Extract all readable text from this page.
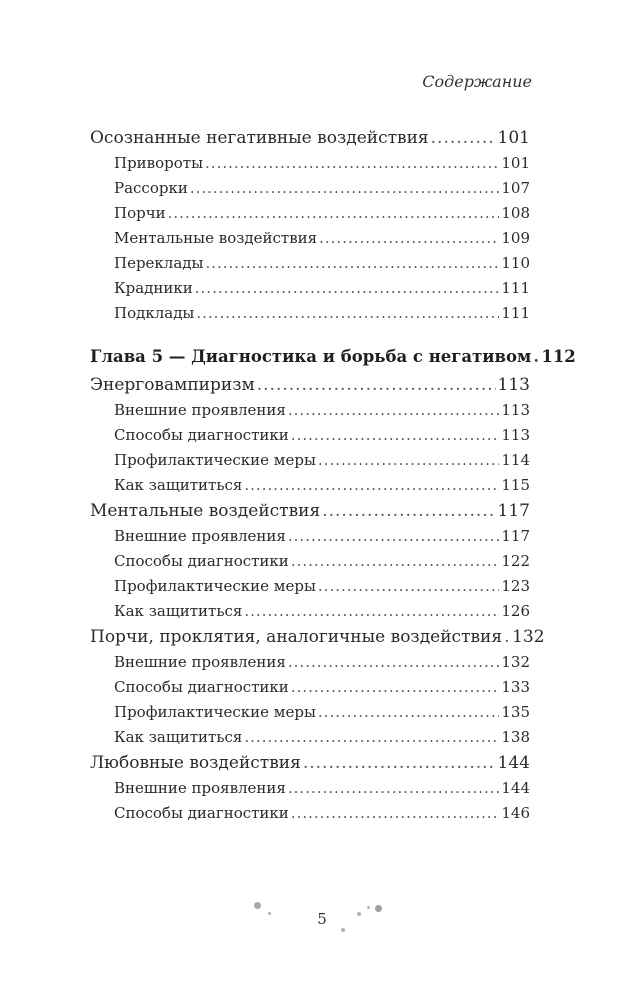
Содержание
Осознанные негативные воздействия .....	101
Привороты .....	101
Рассорки .....	107
Порчи .....	108
Ментальные воздействия .....	109
Переклады .....	110
Крадники .....	111
Подклады .....	111
Глава 5 — Диагностика и борьба с негативом ..... 112
Энерговампиризм .....	113
Внешние проявления .....	113
Способы диагностики .....	113
Профилактические меры .....	114
Как защититься .....	115
Ментальные воздействия .....	117
Внешние проявления .....	117
Способы диагностики .....	122
Профилактические меры .....	123
Как защититься .....	126
Порчи, проклятия, аналогичные воздействия ..... 132
Внешние проявления .....	132
Способы диагностики .....	133
Профилактические меры .....	135
Как защититься .....	138
Любовные воздействия .....	144
Внешние проявления .....	144
Способы диагностики .....	146
5
